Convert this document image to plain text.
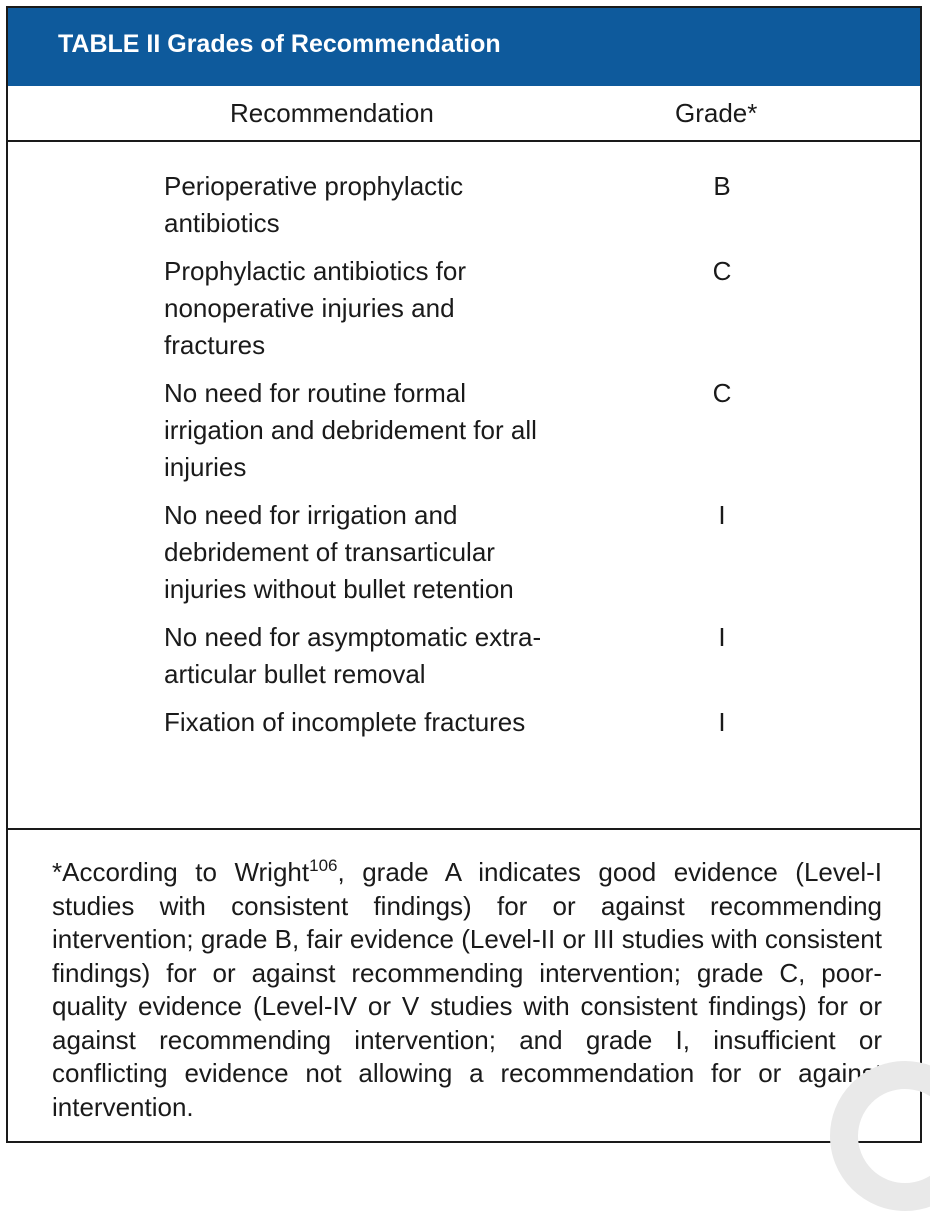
TABLE II Grades of Recommendation
Recommendation	Grade*
Perioperative prophylactic antibiotics
B
Prophylactic antibiotics for nonoperative injuries and fractures
C
No need for routine formal irrigation and debridement for all injuries
C
No need for irrigation and debridement of transarticular injuries without bullet retention
I
No need for asymptomatic extra-articular bullet removal
I
Fixation of incomplete fractures	I
*According to Wright$^{106}$, grade A indicates good evidence (Level-I studies with consistent findings) for or against recommending intervention; grade B, fair evidence (Level-II or III studies with consistent findings) for or against recommending intervention; grade C, poor-quality evidence (Level-IV or V studies with consistent findings) for or against recommending intervention; and grade I, insufficient or conflicting evidence not allowing a recommendation for or against intervention.
